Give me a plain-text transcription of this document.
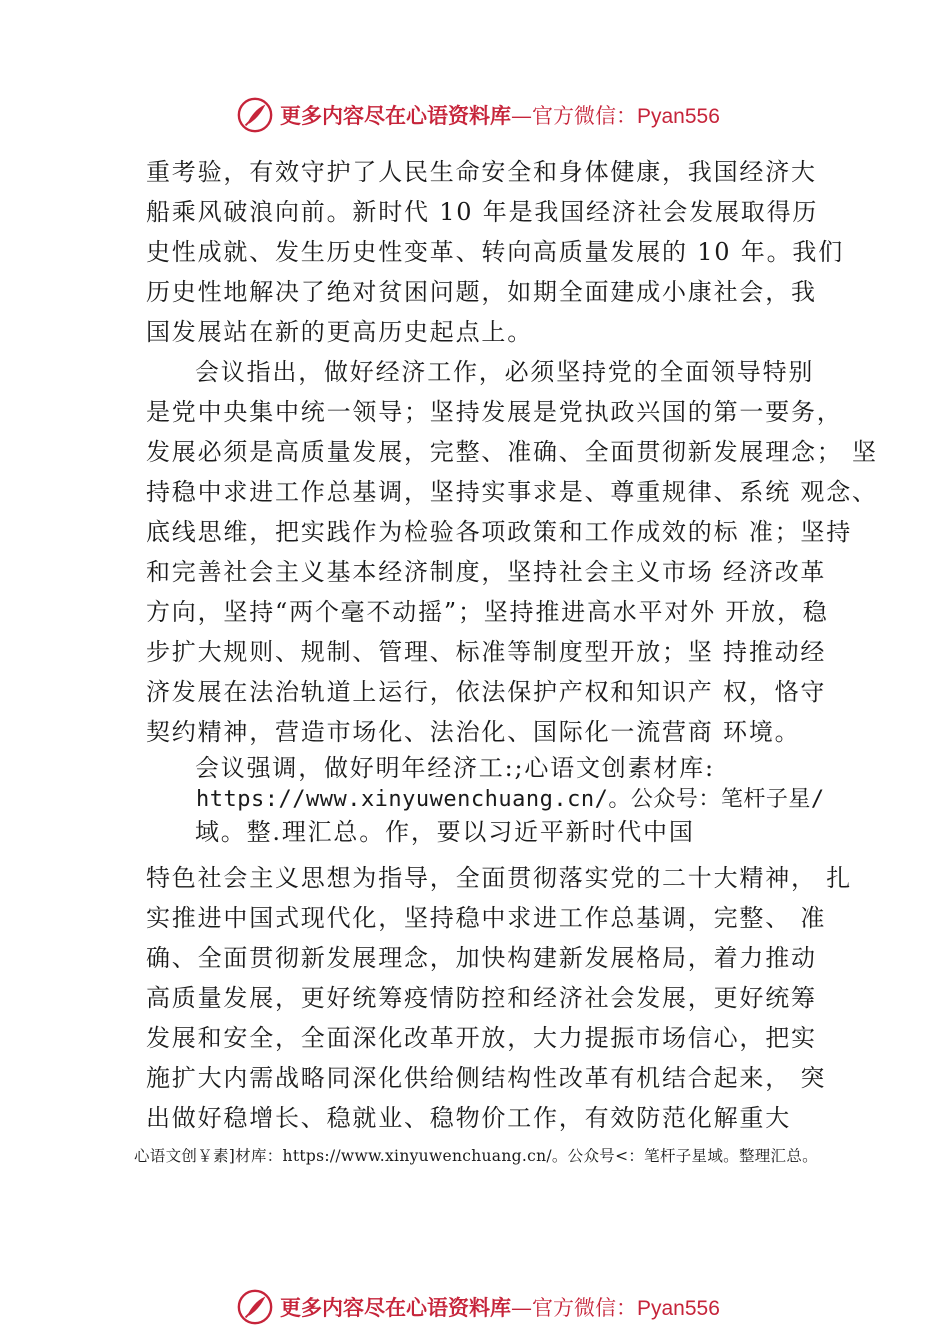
更多内容尽在心语资料库—官方微信：Pyan556
重考验，有效守护了人民生命安全和身体健康，我国经济大
船乘风破浪向前。新时代 10 年是我国经济社会发展取得历
史性成就、发生历史性变革、转向高质量发展的 10 年。我们
历史性地解决了绝对贫困问题，如期全面建成小康社会，我
国发展站在新的更高历史起点上。
会议指出，做好经济工作，必须坚持党的全面领导特别
是党中央集中统一领导；坚持发展是党执政兴国的第一要务，
发展必须是高质量发展，完整、准确、全面贯彻新发展理念； 坚
持稳中求进工作总基调，坚持实事求是、尊重规律、系统 观念、
底线思维，把实践作为检验各项政策和工作成效的标 准；坚持
和完善社会主义基本经济制度，坚持社会主义市场 经济改革
方向，坚持“两个毫不动摇”；坚持推进高水平对外 开放，稳
步扩大规则、规制、管理、标准等制度型开放；坚 持推动经
济发展在法治轨道上运行，依法保护产权和知识产 权，恪守
契约精神，营造市场化、法治化、国际化一流营商 环境。
会议强调，做好明年经济工:;心语文创素材库:
https://www.xinyuwenchuang.cn/。公众号：笔杆子星/
域。整.理汇总。作，要以习近平新时代中国
特色社会主义思想为指导，全面贯彻落实党的二十大精神， 扎
实推进中国式现代化，坚持稳中求进工作总基调，完整、 准
确、全面贯彻新发展理念，加快构建新发展格局，着力推动
高质量发展，更好统筹疫情防控和经济社会发展，更好统筹
发展和安全，全面深化改革开放，大力提振市场信心，把实
施扩大内需战略同深化供给侧结构性改革有机结合起来， 突
出做好稳增长、稳就业、稳物价工作，有效防范化解重大
心语文创￥素]材库：https://www.xinyuwenchuang.cn/。公众号<：笔杆子星域。整理汇总。
更多内容尽在心语资料库—官方微信：Pyan556
